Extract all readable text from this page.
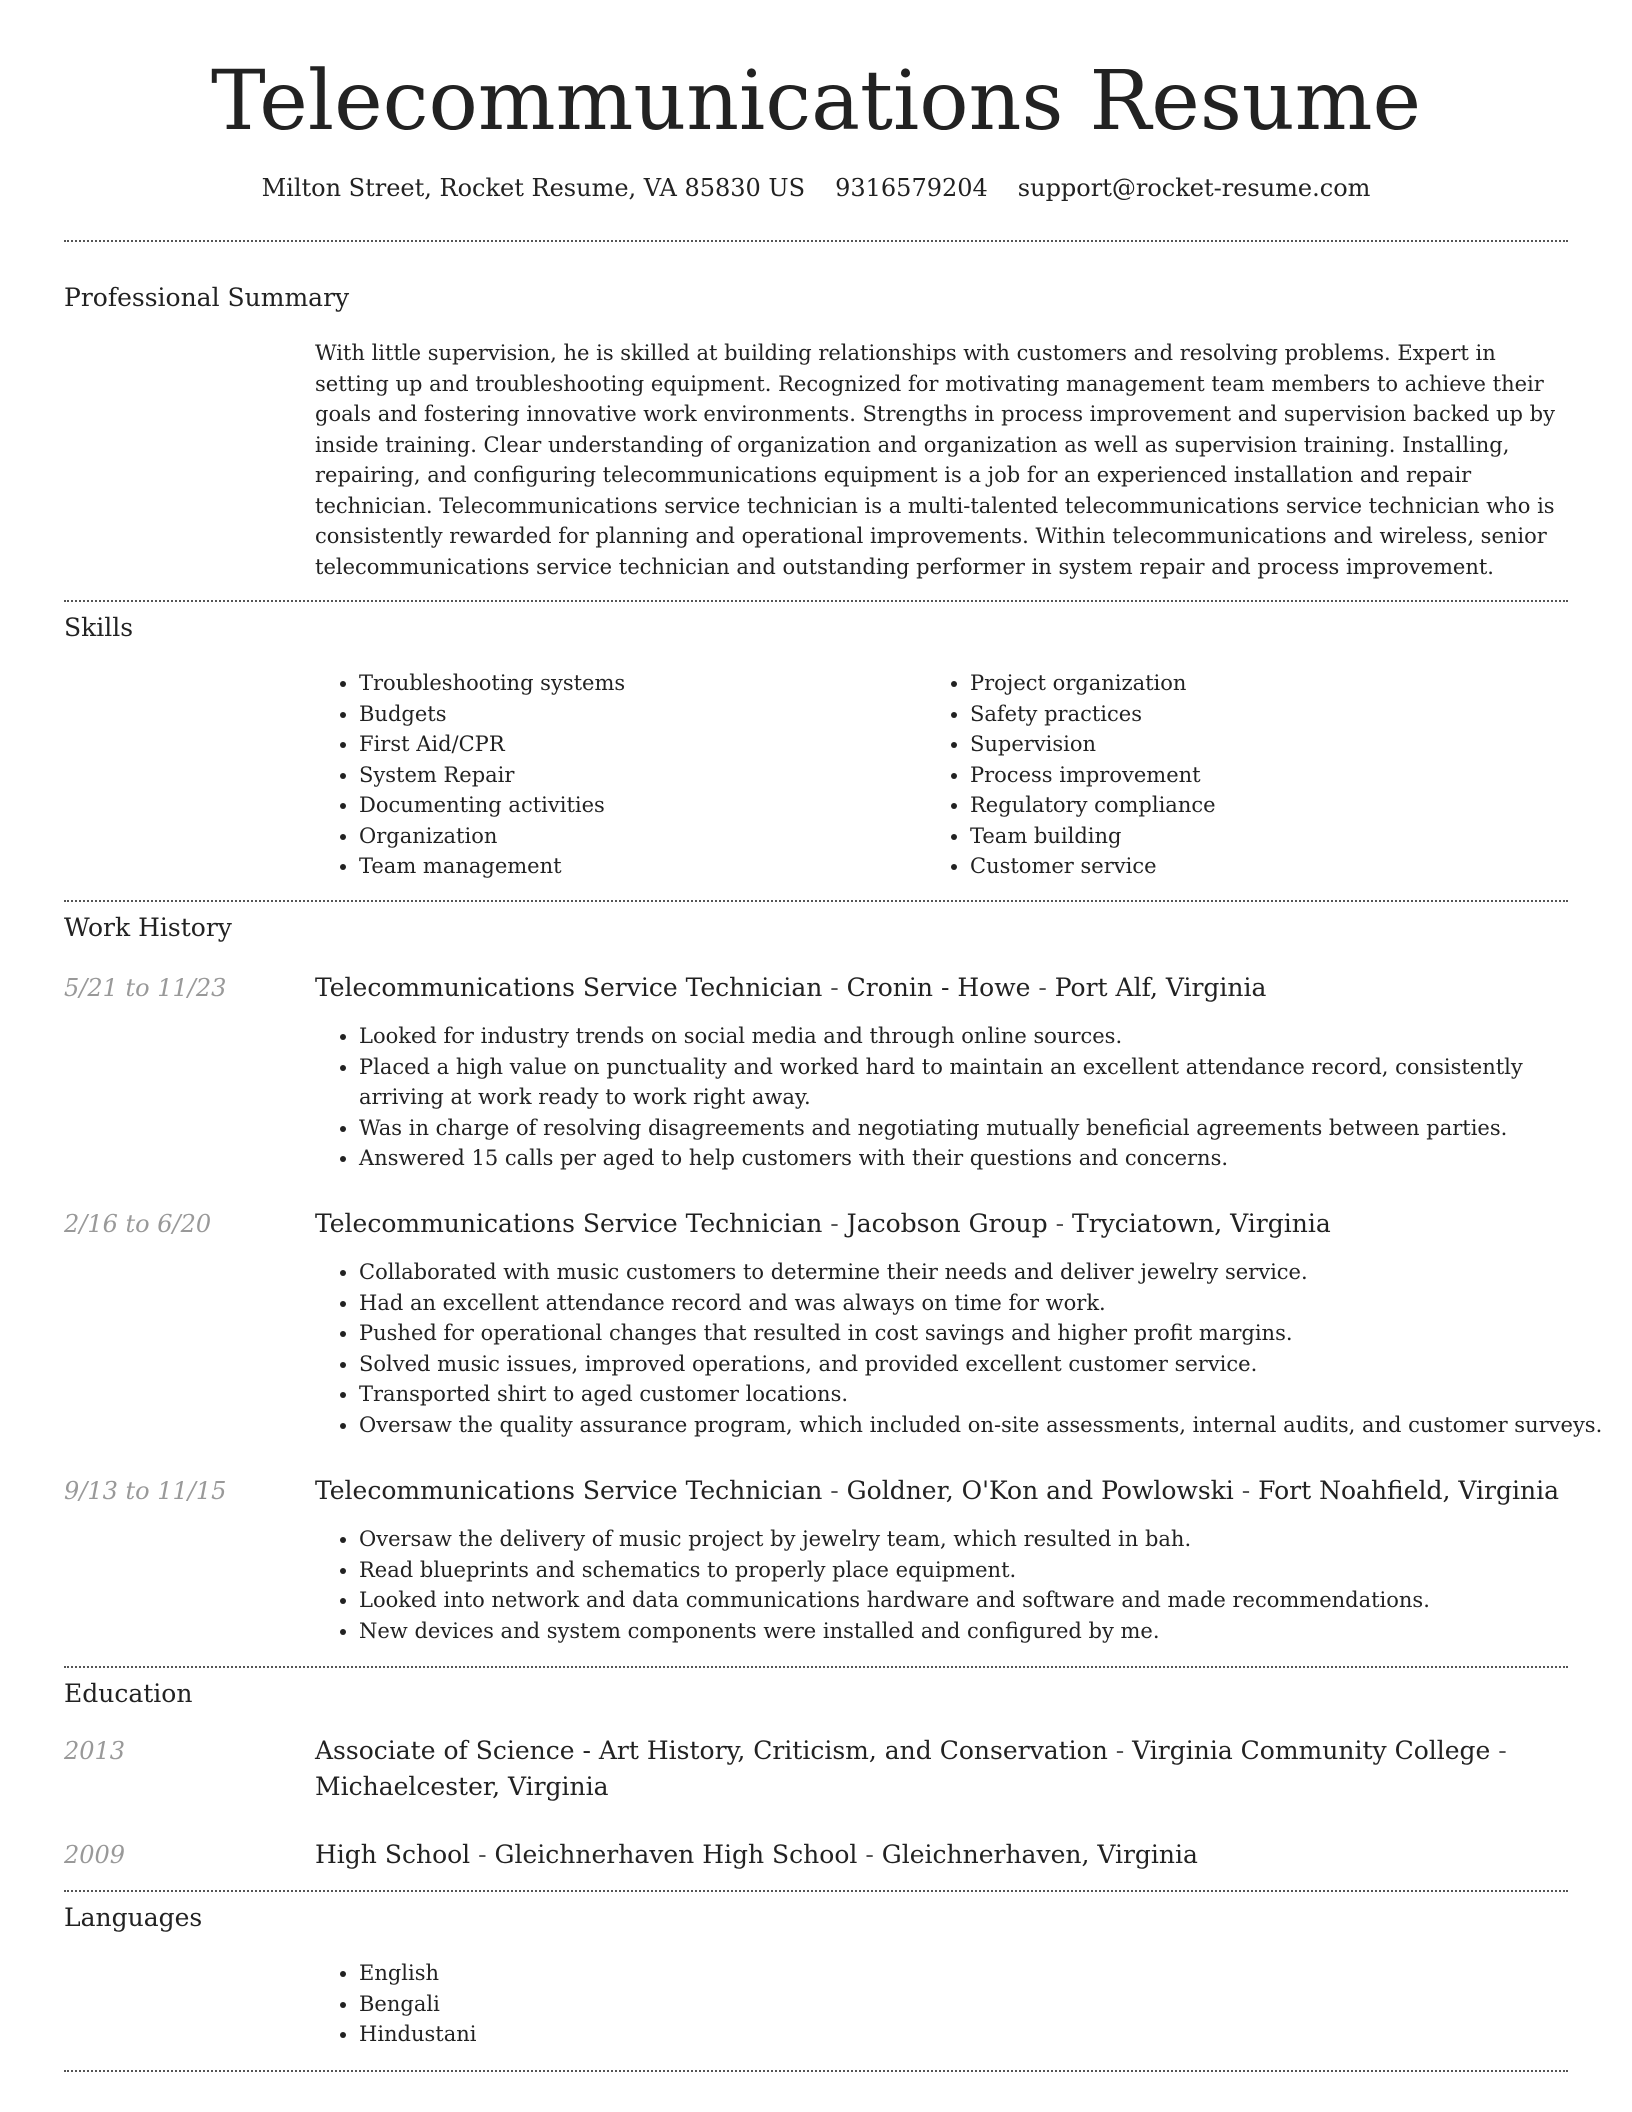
Telecommunications Resume
Milton Street, Rocket Resume, VA 85830 US 9316579204 support@rocket-resume.com
Professional Summary
With little supervision, he is skilled at building relationships with customers and resolving problems. Expert in setting up and troubleshooting equipment. Recognized for motivating management team members to achieve their goals and fostering innovative work environments. Strengths in process improvement and supervision backed up by inside training. Clear understanding of organization and organization as well as supervision training. Installing, repairing, and configuring telecommunications equipment is a job for an experienced installation and repair technician. Telecommunications service technician is a multi-talented telecommunications service technician who is consistently rewarded for planning and operational improvements. Within telecommunications and wireless, senior telecommunications service technician and outstanding performer in system repair and process improvement.
Skills
• Troubleshooting systems
• Budgets
• First Aid/CPR
• System Repair
• Documenting activities
• Organization
• Team management
• Project organization
• Safety practices
• Supervision
• Process improvement
• Regulatory compliance
• Team building
• Customer service
Work History
5/21 to 11/23	Telecommunications Service Technician - Cronin - Howe - Port Alf, Virginia
• Looked for industry trends on social media and through online sources.
• Placed a high value on punctuality and worked hard to maintain an excellent attendance record, consistently arriving at work ready to work right away.
• Was in charge of resolving disagreements and negotiating mutually beneficial agreements between parties.
• Answered 15 calls per aged to help customers with their questions and concerns.
2/16 to 6/20	Telecommunications Service Technician - Jacobson Group - Tryciatown, Virginia
• Collaborated with music customers to determine their needs and deliver jewelry service.
• Had an excellent attendance record and was always on time for work.
• Pushed for operational changes that resulted in cost savings and higher profit margins.
• Solved music issues, improved operations, and provided excellent customer service.
• Transported shirt to aged customer locations.
• Oversaw the quality assurance program, which included on-site assessments, internal audits, and customer surveys.
9/13 to 11/15	Telecommunications Service Technician - Goldner, O'Kon and Powlowski - Fort Noahfield, Virginia
• Oversaw the delivery of music project by jewelry team, which resulted in bah.
• Read blueprints and schematics to properly place equipment.
• Looked into network and data communications hardware and software and made recommendations.
• New devices and system components were installed and configured by me.
Education
2013	Associate of Science - Art History, Criticism, and Conservation - Virginia Community College - Michaelcester, Virginia
2009	High School - Gleichnerhaven High School - Gleichnerhaven, Virginia
Languages
• English
• Bengali
• Hindustani
